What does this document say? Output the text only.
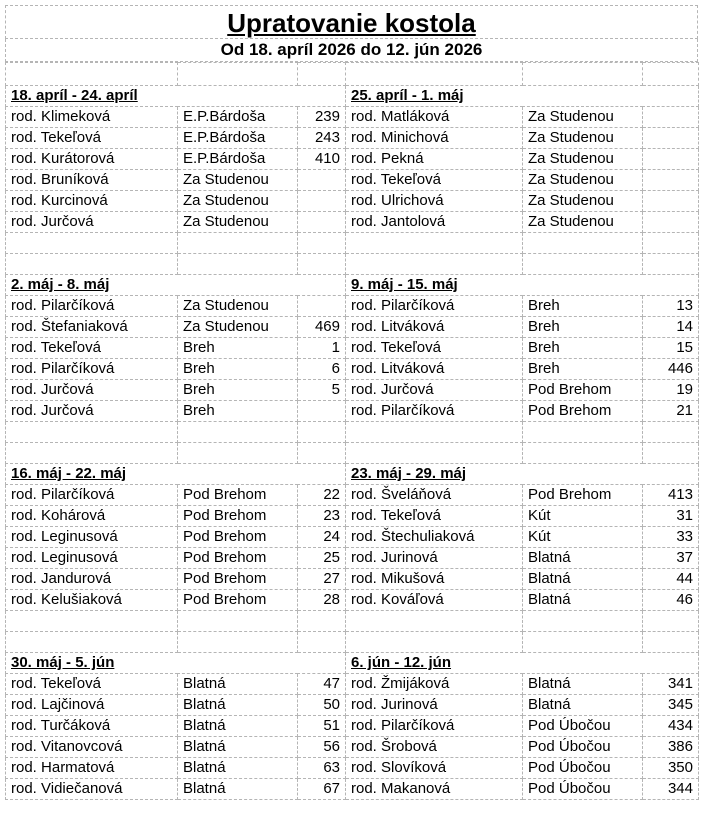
Upratovanie kostola
Od 18. apríl 2026 do 12. jún 2026

18. apríl - 24. apríl			25. apríl - 1. máj		
rod. Klimeková	E.P.Bárdoša	239	rod. Matláková	Za Studenou	
rod. Tekeľová	E.P.Bárdoša	243	rod. Minichová	Za Studenou	
rod. Kurátorová	E.P.Bárdoša	410	rod. Pekná	Za Studenou	
rod. Bruníková	Za Studenou		rod. Tekeľová	Za Studenou	
rod. Kurcinová	Za Studenou		rod. Ulrichová	Za Studenou	
rod. Jurčová	Za Studenou		rod. Jantolová	Za Studenou	

2. máj - 8. máj			9. máj - 15. máj		
rod. Pilarčíková	Za Studenou		rod. Pilarčíková	Breh	13
rod. Štefaniaková	Za Studenou	469	rod. Litváková	Breh	14
rod. Tekeľová	Breh	1	rod. Tekeľová	Breh	15
rod. Pilarčíková	Breh	6	rod. Litváková	Breh	446
rod. Jurčová	Breh	5	rod. Jurčová	Pod Brehom	19
rod. Jurčová	Breh		rod. Pilarčíková	Pod Brehom	21

16. máj - 22. máj			23. máj - 29. máj		
rod. Pilarčíková	Pod Brehom	22	rod. Šveláňová	Pod Brehom	413
rod. Kohárová	Pod Brehom	23	rod. Tekeľová	Kút	31
rod. Leginusová	Pod Brehom	24	rod. Štechuliaková	Kút	33
rod. Leginusová	Pod Brehom	25	rod. Jurinová	Blatná	37
rod. Jandurová	Pod Brehom	27	rod. Mikušová	Blatná	44
rod. Kelušiaková	Pod Brehom	28	rod. Kováľová	Blatná	46

30. máj - 5. jún			6. jún - 12. jún		
rod. Tekeľová	Blatná	47	rod. Žmijáková	Blatná	341
rod. Lajčinová	Blatná	50	rod. Jurinová	Blatná	345
rod. Turčáková	Blatná	51	rod. Pilarčíková	Pod Úbočou	434
rod. Vitanovcová	Blatná	56	rod. Šrobová	Pod Úbočou	386
rod. Harmatová	Blatná	63	rod. Slovíková	Pod Úbočou	350
rod. Vidiečanová	Blatná	67	rod. Makanová	Pod Úbočou	344
